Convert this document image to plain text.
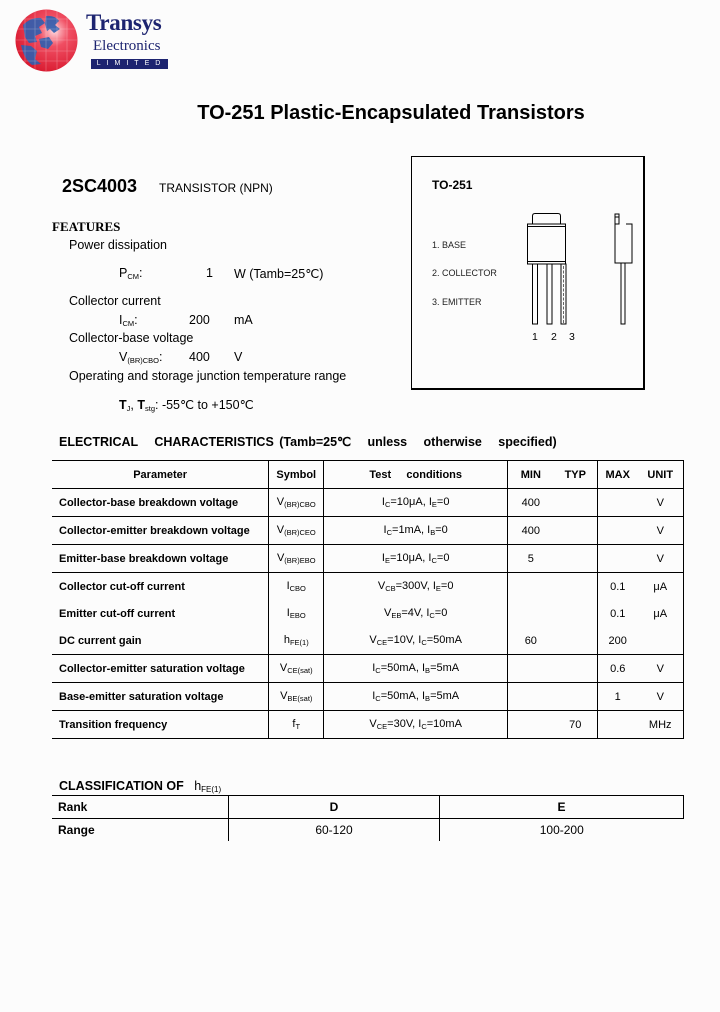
Transys
Electronics
LIMITED
TO-251 Plastic-Encapsulated Transistors
2SC4003 TRANSISTOR (NPN)
FEATURES
Power dissipation
$P_{CM}$:	1 W (Tamb=25℃)
Collector current
$I_{CM}$:	200 mA
Collector-base voltage
$V_{(BR)CBO}$: 400 V
Operating and storage junction temperature range
$T_J$, $T_{stg}$: -55℃ to +150℃
TO-251
1. BASE
2. COLLECTOR
3. EMITTER
1 2 3
ELECTRICAL   CHARACTERISTICS (Tamb=25℃   unless   otherwise   specified)
Parameter	Symbol	Test     conditions	MIN	TYP	MAX	UNIT
Collector-base breakdown voltage	$V_{(BR)CBO}$	$I_C=10\mu A$, $I_E=0$	400			V
Collector-emitter breakdown voltage	$V_{(BR)CEO}$	$I_C=1mA$, $I_B=0$	400			V
Emitter-base breakdown voltage	$V_{(BR)EBO}$	$I_E=10\mu A$, $I_C=0$	5			V
Collector cut-off current	$I_{CBO}$	$V_{CB}=300V$, $I_E=0$			0.1	μA
Emitter cut-off current	$I_{EBO}$	$V_{EB}=4V$, $I_C=0$			0.1	μA
DC current gain	$h_{FE(1)}$	$V_{CE}=10V$, $I_C=50mA$	60		200	
Collector-emitter saturation voltage	$V_{CE(sat)}$	$I_C=50mA$, $I_B=5mA$			0.6	V
Base-emitter saturation voltage	$V_{BE(sat)}$	$I_C=50mA$, $I_B=5mA$			1	V
Transition frequency	$f_T$	$V_{CE}=30V$, $I_C=10mA$		70		MHz
CLASSIFICATION OF hFE(1)
Rank	D	E
Range	60-120	100-200
